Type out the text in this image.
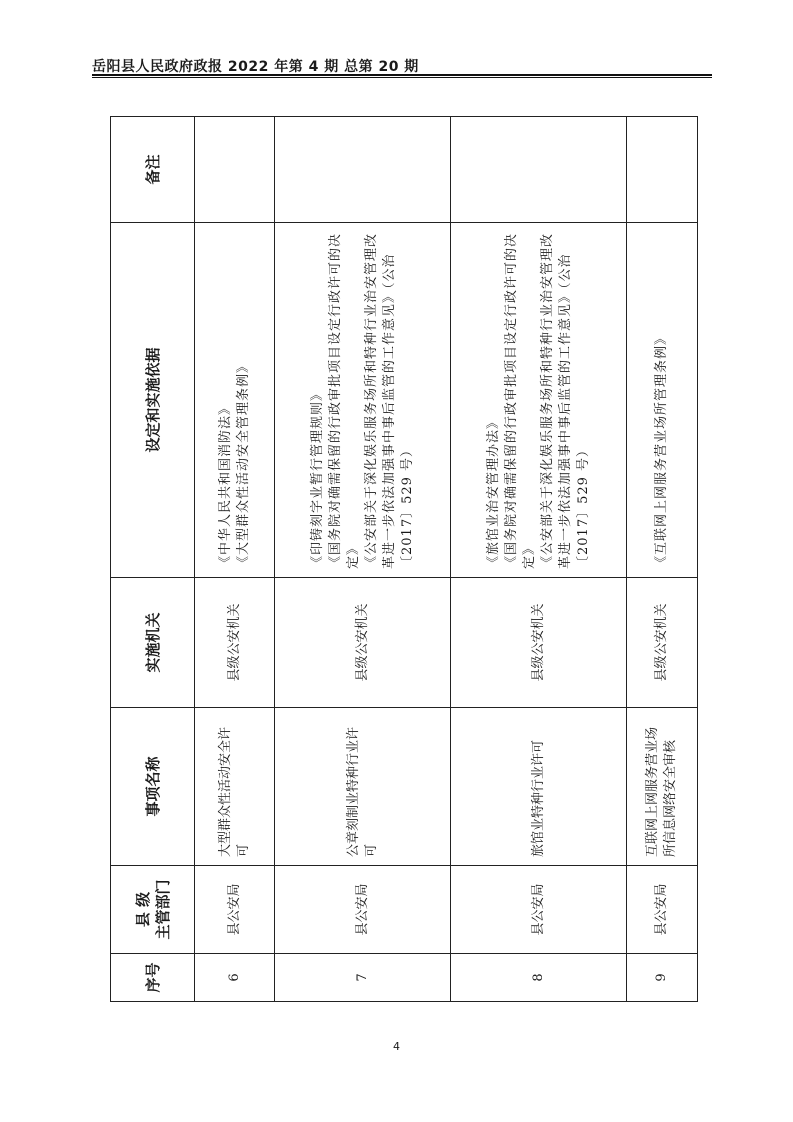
岳阳县人民政府政报 2022 年第 4 期 总第 20 期
序号	县 级 主管部门	事项名称	实施机关	设定和实施依据	备注
6	县公安局	大型群众性活动安全许可	县级公安机关	《中华人民共和国消防法》 《大型群众性活动安全管理条例》	

7	县公安局	公章刻制业特种行业许可	县级公安机关	《印铸刻字业暂行管理规则》 《国务院对确需保留的行政审批项目设定行政许可的决定》 《公安部关于深化娱乐服务场所和特种行业治安管理改革进一步依法加强事中事后监管的工作意见》（公治〔2017〕529 号）	

8	县公安局	旅馆业特种行业许可	县级公安机关	《旅馆业治安管理办法》 《国务院对确需保留的行政审批项目设定行政许可的决定》 《公安部关于深化娱乐服务场所和特种行业治安管理改革进一步依法加强事中事后监管的工作意见》（公治〔2017〕529 号）	

9	县公安局	互联网上网服务营业场所信息网络安全审核	县级公安机关	《互联网上网服务营业场所管理条例》	

4
